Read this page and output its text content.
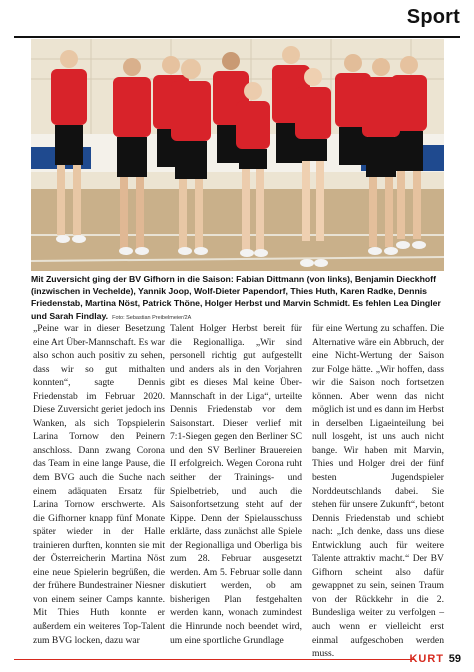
Sport
Mit Zuversicht ging der BV Gifhorn in die Saison: Fabian Dittmann (von links), Benjamin Dieckhoff (inzwischen in Vechelde), Yannik Joop, Wolf-Dieter Papendorf, Thies Huth, Karen Radke, Dennis Friedenstab, Martina Nöst, Patrick Thöne, Holger Herbst und Marvin Schmidt. Es fehlen Lea Dingler und Sarah Findlay. Foto: Sebastian Preibelmeier/2A

„Peine war in dieser Besetzung eine Art Über-Mannschaft. Es war also schon auch positiv zu sehen, dass wir so gut mithalten konnten“, sagte Dennis Friedenstab im Februar 2020. Diese Zuversicht geriet jedoch ins Wanken, als sich Topspielerin Larina Tornow den Peinern anschloss. Dann zwang Corona das Team in eine lange Pause, die dem BVG auch die Suche nach einem adäquaten Ersatz für Larina Tornow erschwerte. Als die Gifhorner knapp fünf Monate später wieder in der Halle trainieren durften, konnten sie mit der Österreicherin Martina Nöst eine neue Spielerin begrüßen, die der frühere Bundestrainer Niesner von einem seiner Camps kannte. Mit Thies Huth konnte er außerdem ein weiteres Top-Talent zum BVG locken, dazu war

Talent Holger Herbst bereit für die Regionalliga. „Wir sind personell richtig gut aufgestellt und anders als in den Vorjahren gibt es dieses Mal keine Über-Mannschaft in der Liga“, urteilte Dennis Friedenstab vor dem Saisonstart. Dieser verlief mit 7:1-Siegen gegen den Berliner SC und den SV Berliner Brauereien II erfolgreich. Wegen Corona ruht seither der Trainings- und Spielbetrieb, und auch die Saisonfortsetzung steht auf der Kippe. Denn der Spielausschuss erklärte, dass zunächst alle Spiele der Regionalliga und Oberliga bis zum 28. Februar ausgesetzt werden. Am 5. Februar solle dann diskutiert werden, ob am bisherigen Plan festgehalten werden kann, wonach zumindest die Hinrunde noch beendet wird, um eine sportliche Grundlage

für eine Wertung zu schaffen. Die Alternative wäre ein Abbruch, der eine Nicht-Wertung der Saison zur Folge hätte. „Wir hoffen, dass wir die Saison noch fortsetzen können. Aber wenn das nicht möglich ist und es dann im Herbst in derselben Ligaeinteilung bei null losgeht, ist uns auch nicht bange. Wir haben mit Marvin, Thies und Holger drei der fünf besten Jugendspieler Norddeutschlands dabei. Sie stehen für unsere Zukunft“, betont Dennis Friedenstab und schiebt nach: „Ich denke, dass uns diese Entwicklung auch für weitere Talente attraktiv macht.“ Der BV Gifhorn scheint also dafür gewappnet zu sein, seinen Traum von der Rückkehr in die 2. Bundesliga weiter zu verfolgen – auch wenn er vielleicht erst einmal aufgeschoben werden muss.	KURT 59
